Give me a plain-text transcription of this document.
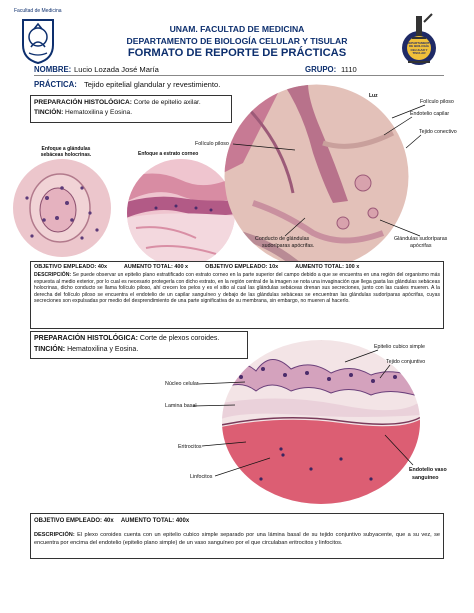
Facultad de Medicina
UNAM. FACULTAD DE MEDICINA
DEPARTAMENTO DE BIOLOGÍA CELULAR Y TISULAR
FORMATO DE REPORTE DE PRÁCTICAS
DEPARTAMENTO DE BIOLOGÍA CELULAR Y TISULAR
NOMBRE: Lucio Lozada José María	GRUPO: 1110
PRÁCTICA: Tejido epitelial glandular y revestimiento.
PREPARACIÓN HISTOLÓGICA: Corte de epitelio axilar.
TINCIÓN: Hematoxilina y Eosina.
Luz
Enfoque a glándulas sebáceas holocrinas.	Enfoque a estrato corneo
Folículo piloso
Endotelio capilar
Tejido conectivo
Folículo piloso
Conducto de glándulas sudoríparas apócrifas.
Glándulas sudoríparas apócrifas
OBJETIVO EMPLEADO: 40x	AUMENTO TOTAL: 400 x	OBJETIVO EMPLEADO: 10x	AUMENTO TOTAL: 100 x
DESCRIPCIÓN: Se puede observar un epitelio plano estratificado con estrato corneo en la parte superior del campo debido a que se encuentra en una región del organismo más expuesta al medio exterior, por lo cual es necesario protegerla con dicho estrato, en la región central de la imagen se nota una invaginación que llega gasta las glándulas sebáceas holocrinas, dicho conducto se llama folículo piloso, ahí crecen los pelos y es el sitio al cual las glándulas sebáceas drenan sus secreciones, junto con las cuales mueren. A la derecha del folículo piloso se encuentra el endotelio de un capilar sanguíneo y debajo de las glándulas sebáceas se encuentran las glándulas sudoríparas apócrifas, cuyas secreciones son expulsadas por medio del desprendimiento de una parte significativa de su membrana, sin embargo, no mueren al hacerlo.
PREPARACIÓN HISTOLÓGICA: Corte de plexos coroides.
TINCIÓN: Hematoxilina y Eosina.	Epitelio cubico simple
Tejido conjuntivo
Núcleo celular
Lamina basal
Eritrocitos
Linfocitos
Endotelio vaso sanguíneo
OBJETIVO EMPLEADO: 40x AUMENTO TOTAL: 400x
DESCRIPCIÓN: El plexo coroides cuenta con un epitelio cubico simple separado por una lámina basal de su tejido conjuntivo subyacente, que a su vez, se encuentra por encima del endotelio (epitelio plano simple) de un vaso sanguíneo por el que circulaban eritrocitos y linfocitos.
